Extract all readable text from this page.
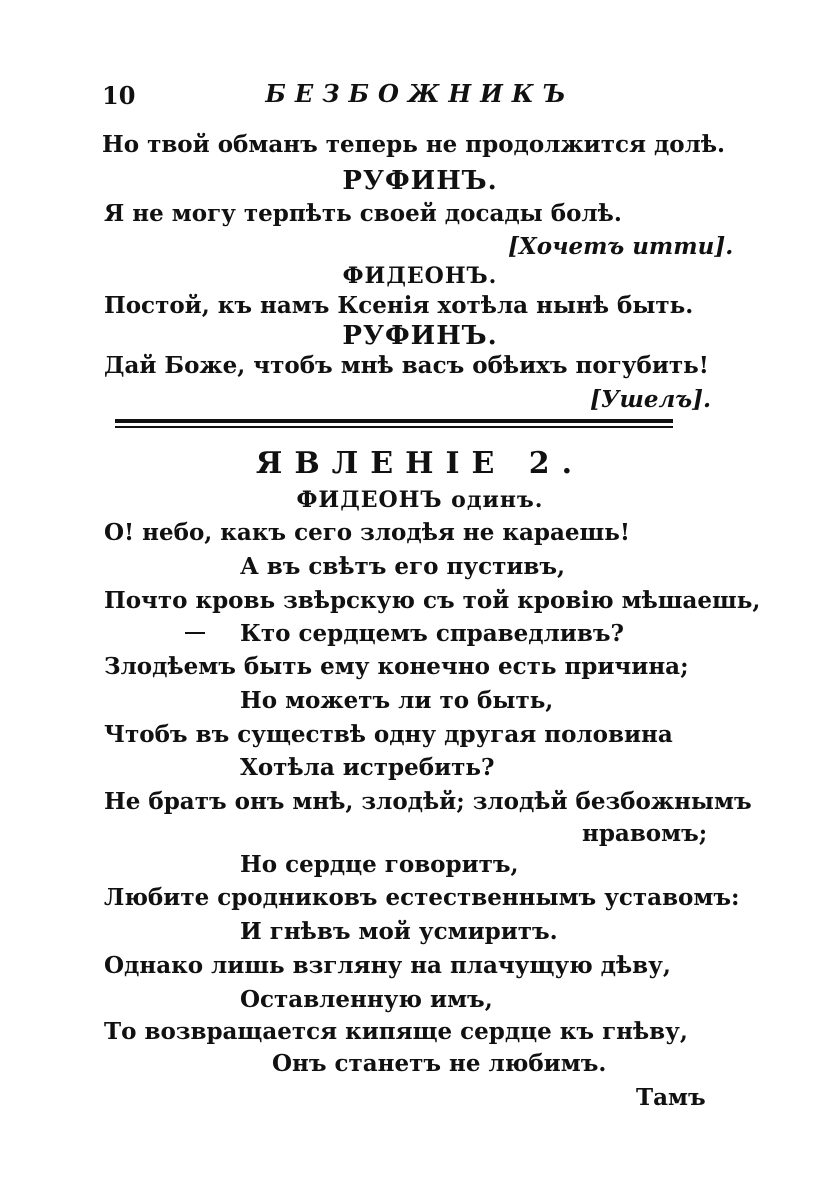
10	БЕЗБОЖНИКЪ
Но твой обманъ теперь не продолжится долѣ.
РУФИНЪ.
Я не могу терпѣть своей досады болѣ.
[Хочетъ итти].
ФИДЕОНЪ.
Постой, къ намъ Ксенія хотѣла нынѣ быть.
РУФИНЪ.
Дай Боже, чтобъ мнѣ васъ обѣихъ погубить!
[Ушелъ].
ЯВЛЕНІЕ 2.
ФИДЕОНЪ одинъ.
О! небо, какъ сего злодѣя не караешь!
А въ свѣтъ его пустивъ,
Почто кровь звѣрскую съ той кровію мѣшаешь,
Кто сердцемъ справедливъ?
Злодѣемъ быть ему конечно есть причина;
Но можетъ ли то быть,
Чтобъ въ существѣ одну другая половина
Хотѣла истребить?
Не братъ онъ мнѣ, злодѣй; злодѣй безбожнымъ
нравомъ;
Но сердце говоритъ,
Любите сродниковъ естественнымъ уставомъ:
И гнѣвъ мой усмиритъ.
Однако лишь взгляну на плачущую дѣву,
Оставленную имъ,
То возвращается кипяще сердце къ гнѣву,
Онъ станетъ не любимъ.
Тамъ
